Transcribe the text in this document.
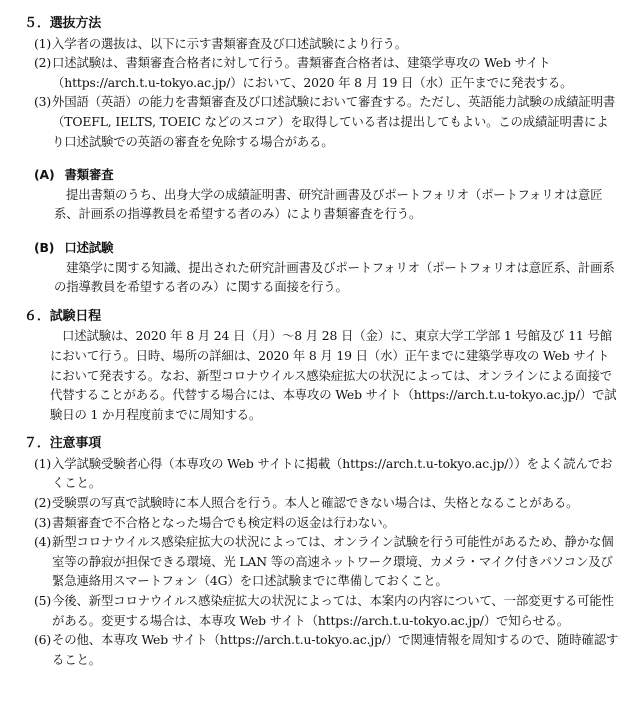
５．選抜方法
(1) 入学者の選抜は、以下に示す書類審査及び口述試験により行う。
(2) 口述試験は、書類審査合格者に対して行う。書類審査合格者は、建築学専攻の Web サイト（https://arch.t.u-tokyo.ac.jp/）において、2020 年 8 月 19 日（水）正午までに発表する。
(3) 外国語（英語）の能力を書類審査及び口述試験において審査する。ただし、英語能力試験の成績証明書（TOEFL, IELTS, TOEIC などのスコア）を取得している者は提出してもよい。この成績証明書により口述試験での英語の審査を免除する場合がある。
(A) 書類審査
提出書類のうち、出身大学の成績証明書、研究計画書及びポートフォリオ（ポートフォリオは意匠系、計画系の指導教員を希望する者のみ）により書類審査を行う。
(B) 口述試験
建築学に関する知識、提出された研究計画書及びポートフォリオ（ポートフォリオは意匠系、計画系の指導教員を希望する者のみ）に関する面接を行う。
６．試験日程
口述試験は、2020 年 8 月 24 日（月）～8 月 28 日（金）に、東京大学工学部 1 号館及び 11 号館において行う。日時、場所の詳細は、2020 年 8 月 19 日（水）正午までに建築学専攻の Web サイトにおいて発表する。なお、新型コロナウイルス感染症拡大の状況によっては、オンラインによる面接で代替することがある。代替する場合には、本専攻の Web サイト（https://arch.t.u-tokyo.ac.jp/）で試験日の 1 か月程度前までに周知する。
７．注意事項
(1) 入学試験受験者心得（本専攻の Web サイトに掲載（https://arch.t.u-tokyo.ac.jp/））をよく読んでおくこと。
(2) 受験票の写真で試験時に本人照合を行う。本人と確認できない場合は、失格となることがある。
(3) 書類審査で不合格となった場合でも検定料の返金は行わない。
(4) 新型コロナウイルス感染症拡大の状況によっては、オンライン試験を行う可能性があるため、静かな個室等の静寂が担保できる環境、光 LAN 等の高速ネットワーク環境、カメラ・マイク付きパソコン及び緊急連絡用スマートフォン（4G）を口述試験までに準備しておくこと。
(5) 今後、新型コロナウイルス感染症拡大の状況によっては、本案内の内容について、一部変更する可能性がある。変更する場合は、本専攻 Web サイト（https://arch.t.u-tokyo.ac.jp/）で知らせる。
(6) その他、本専攻 Web サイト（https://arch.t.u-tokyo.ac.jp/）で関連情報を周知するので、随時確認すること。
